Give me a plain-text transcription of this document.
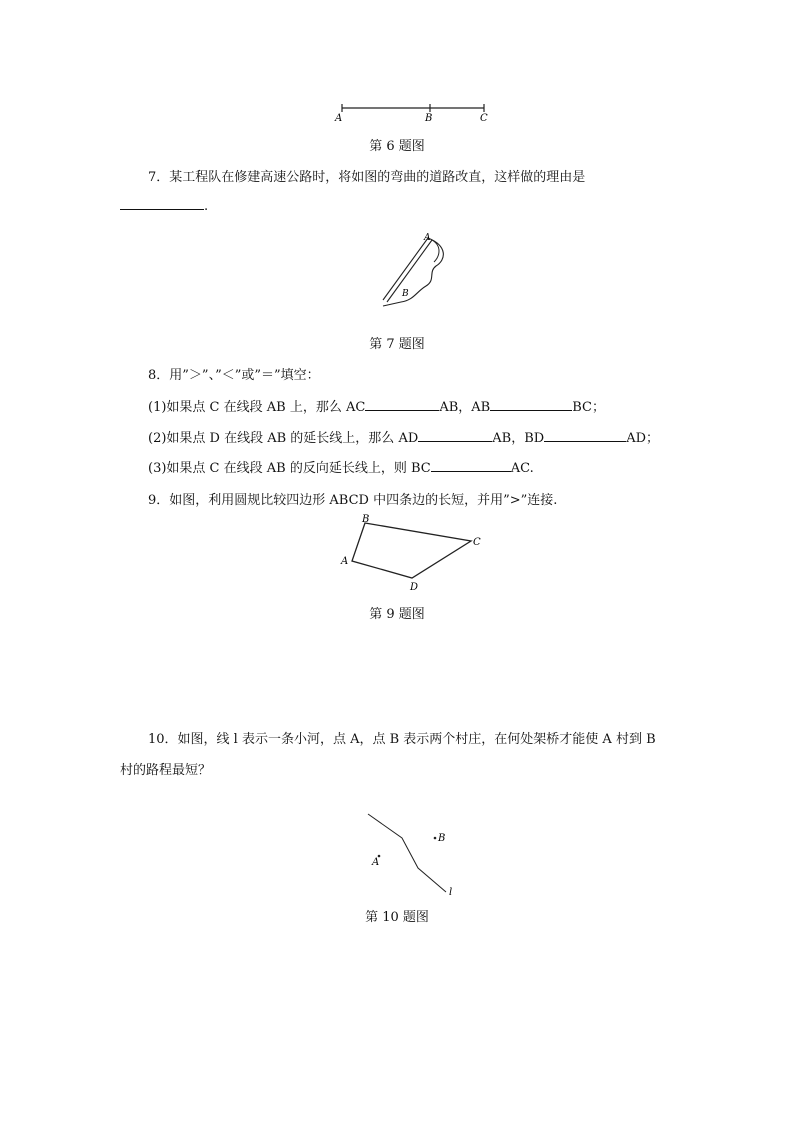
A	B	C
第 6 题图
7．某工程队在修建高速公路时，将如图的弯曲的道路改直，这样做的理由是
.
A
B
第 7 题图
8．用”＞”、”＜”或”＝”填空：
(1)如果点 C 在线段 AB 上，那么 AC	AB，AB	BC；
(2)如果点 D 在线段 AB 的延长线上，那么 AD	AB，BD	AD；
(3)如果点 C 在线段 AB 的反向延长线上，则 BC	AC.
9．如图，利用圆规比较四边形 ABCD 中四条边的长短，并用”>”连接.
B
C
A
D
第 9 题图
10．如图，线 l 表示一条小河，点 A，点 B 表示两个村庄，在何处架桥才能使 A 村到 B
村的路程最短？
B
A
l
第 10 题图
